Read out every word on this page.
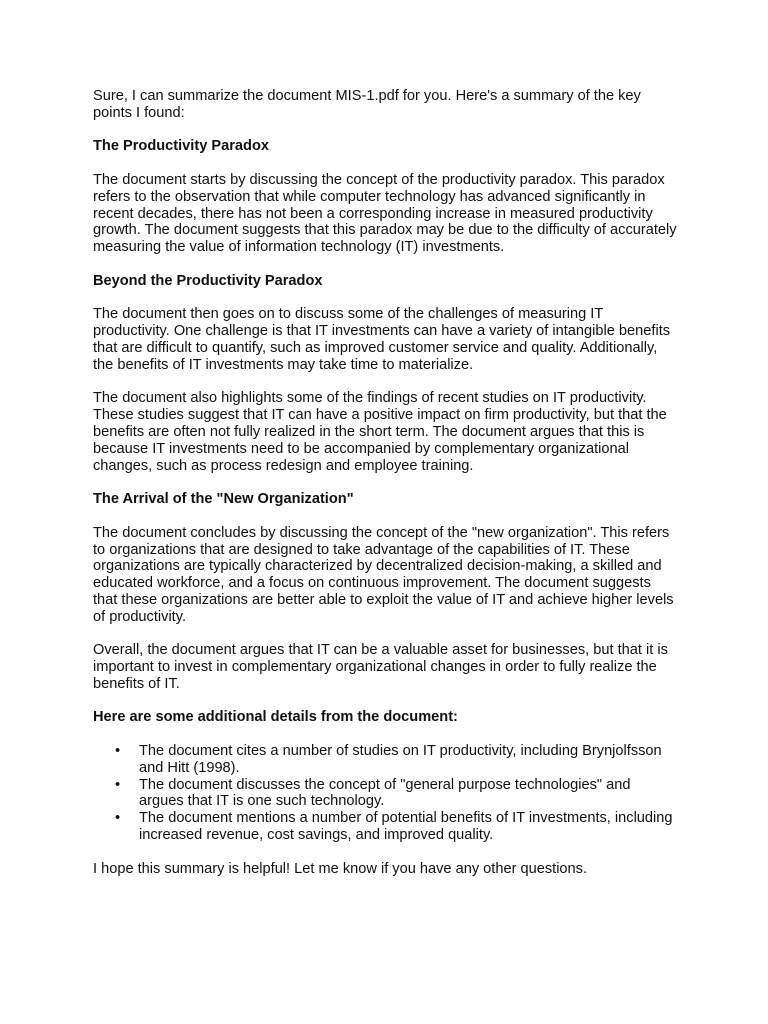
Sure, I can summarize the document MIS-1.pdf for you. Here's a summary of the key points I found:

The Productivity Paradox

The document starts by discussing the concept of the productivity paradox. This paradox refers to the observation that while computer technology has advanced significantly in recent decades, there has not been a corresponding increase in measured productivity growth. The document suggests that this paradox may be due to the difficulty of accurately measuring the value of information technology (IT) investments.

Beyond the Productivity Paradox

The document then goes on to discuss some of the challenges of measuring IT productivity. One challenge is that IT investments can have a variety of intangible benefits that are difficult to quantify, such as improved customer service and quality. Additionally, the benefits of IT investments may take time to materialize.

The document also highlights some of the findings of recent studies on IT productivity. These studies suggest that IT can have a positive impact on firm productivity, but that the benefits are often not fully realized in the short term. The document argues that this is because IT investments need to be accompanied by complementary organizational changes, such as process redesign and employee training.

The Arrival of the "New Organization"

The document concludes by discussing the concept of the "new organization". This refers to organizations that are designed to take advantage of the capabilities of IT. These organizations are typically characterized by decentralized decision-making, a skilled and educated workforce, and a focus on continuous improvement. The document suggests that these organizations are better able to exploit the value of IT and achieve higher levels of productivity.

Overall, the document argues that IT can be a valuable asset for businesses, but that it is important to invest in complementary organizational changes in order to fully realize the benefits of IT.

Here are some additional details from the document:
• The document cites a number of studies on IT productivity, including Brynjolfsson and Hitt (1998).
• The document discusses the concept of "general purpose technologies" and argues that IT is one such technology.
• The document mentions a number of potential benefits of IT investments, including increased revenue, cost savings, and improved quality.

I hope this summary is helpful! Let me know if you have any other questions.
